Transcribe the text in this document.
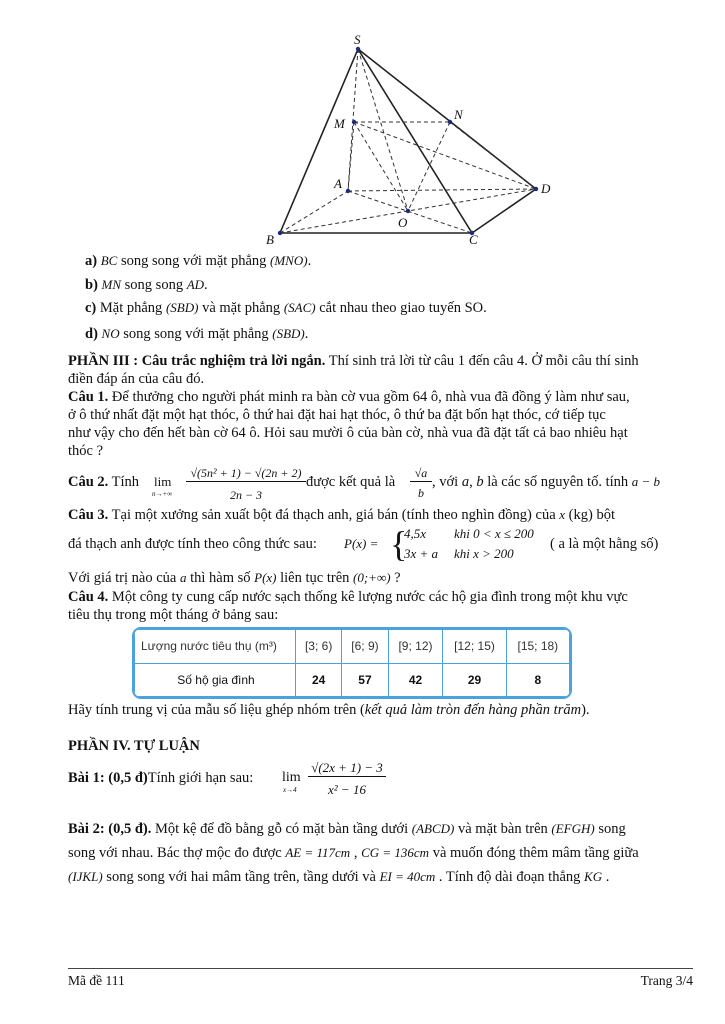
S
M
N
A	D
O
B	C
a) BC song song với mặt phẳng (MNO).
b) MN song song AD.
c) Mặt phẳng (SBD) và mặt phẳng (SAC) cắt nhau theo giao tuyến SO.
d) NO song song với mặt phẳng (SBD).
PHẦN III : Câu trắc nghiệm trả lời ngắn. Thí sinh trả lời từ câu 1 đến câu 4. Ở mỗi câu thí sinh
điền đáp án của câu đó.
Câu 1. Để thưởng cho người phát minh ra bàn cờ vua gồm 64 ô, nhà vua đã đồng ý làm như sau,
ở ô thứ nhất đặt một hạt thóc, ô thứ hai đặt hai hạt thóc, ô thứ ba đặt bốn hạt thóc, cớ tiếp tục
như vậy cho đến hết bàn cờ 64 ô. Hỏi sau mười ô của bàn cờ, nhà vua đã đặt tất cả bao nhiêu hạt
thóc ?
Câu 2. Tính lim
n→+∞
√(5n² + 1) − √(2n + 2)
2n − 3
được kết quả là
√a
b
, với a, b là các số nguyên tố. tính a − b
Câu 3. Tại một xưởng sản xuất bột đá thạch anh, giá bán (tính theo nghìn đồng) của x (kg) bột
đá thạch anh được tính theo công thức sau: P(x) = {
4,5x khi 0 < x ≤ 200
3x + a khi x > 200
( a là một hằng số)
Với giá trị nào của a thì hàm số P(x) liên tục trên (0;+∞) ?
Câu 4. Một công ty cung cấp nước sạch thống kê lượng nước các hộ gia đình trong một khu vực
tiêu thụ trong một tháng ở bảng sau:
Lượng nước tiêu thụ (m³)	[3; 6)	[6; 9)	[9; 12)	[12; 15)	[15; 18)
Số hộ gia đình	24	57	42	29	8
Hãy tính trung vị của mẫu số liệu ghép nhóm trên (kết quả làm tròn đến hàng phần trăm).
PHẦN IV. TỰ LUẬN
Bài 1: (0,5 đ)Tính giới hạn sau: lim
x→4
√(2x + 1) − 3
x² − 16
Bài 2: (0,5 đ). Một kệ để đồ bằng gỗ có mặt bàn tầng dưới (ABCD) và mặt bàn trên (EFGH) song
song với nhau. Bác thợ mộc đo được AE = 117cm , CG = 136cm và muốn đóng thêm mâm tầng giữa
(IJKL) song song với hai mâm tầng trên, tầng dưới và EI = 40cm . Tính độ dài đoạn thẳng KG .
Mã đề 111	Trang 3/4
